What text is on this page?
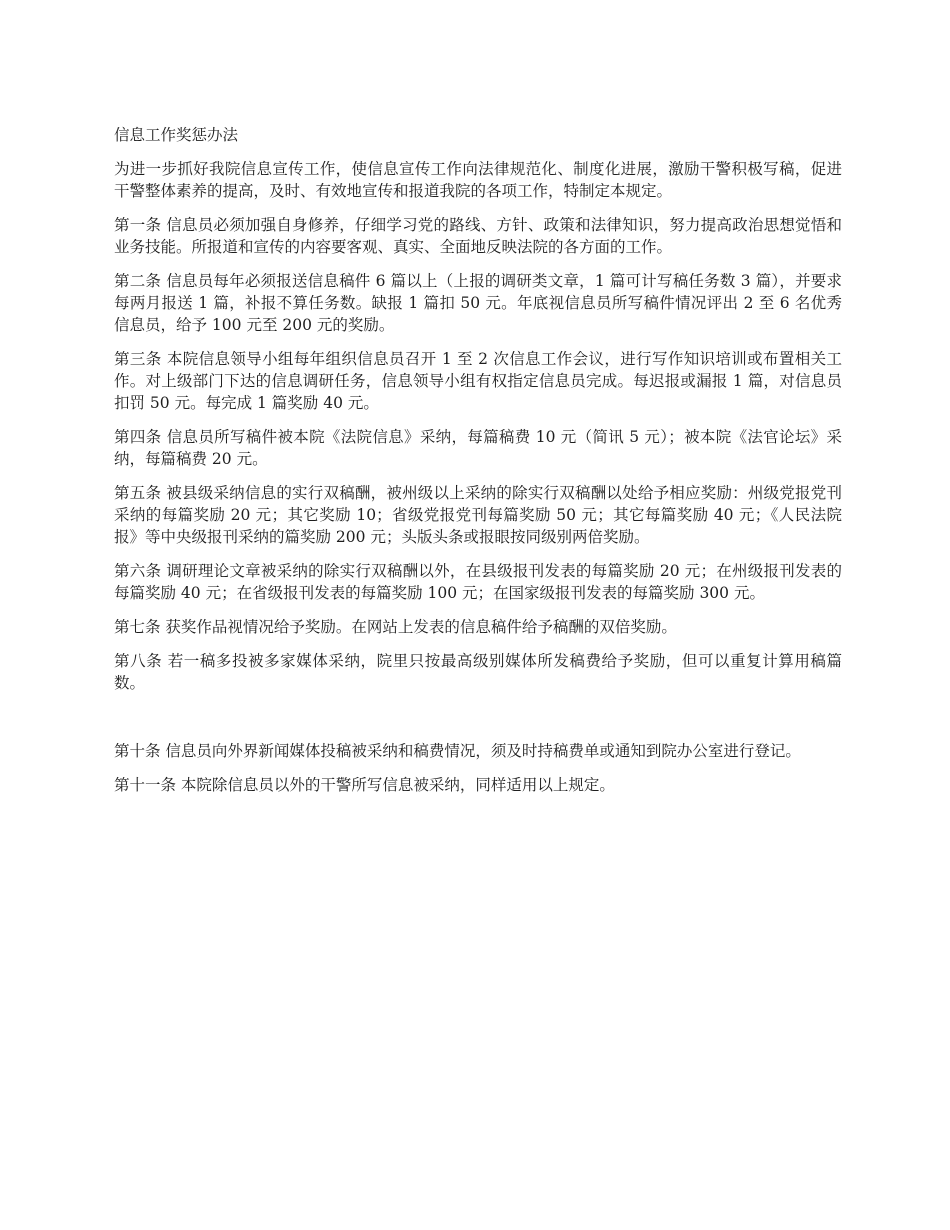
信息工作奖惩办法

为进一步抓好我院信息宣传工作，使信息宣传工作向法律规范化、制度化进展，激励干警积极写稿，促进干警整体素养的提高，及时、有效地宣传和报道我院的各项工作，特制定本规定。

第一条 信息员必须加强自身修养，仔细学习党的路线、方针、政策和法律知识，努力提高政治思想觉悟和业务技能。所报道和宣传的内容要客观、真实、全面地反映法院的各方面的工作。

第二条 信息员每年必须报送信息稿件 6 篇以上（上报的调研类文章，1 篇可计写稿任务数 3 篇），并要求每两月报送 1 篇，补报不算任务数。缺报 1 篇扣 50 元。年底视信息员所写稿件情况评出 2 至 6 名优秀信息员，给予 100 元至 200 元的奖励。

第三条 本院信息领导小组每年组织信息员召开 1 至 2 次信息工作会议，进行写作知识培训或布置相关工作。对上级部门下达的信息调研任务，信息领导小组有权指定信息员完成。每迟报或漏报 1 篇，对信息员扣罚 50 元。每完成 1 篇奖励 40 元。

第四条 信息员所写稿件被本院《法院信息》采纳，每篇稿费 10 元（简讯 5 元）；被本院《法官论坛》采纳，每篇稿费 20 元。

第五条 被县级采纳信息的实行双稿酬，被州级以上采纳的除实行双稿酬以处给予相应奖励：州级党报党刊采纳的每篇奖励 20 元；其它奖励 10；省级党报党刊每篇奖励 50 元；其它每篇奖励 40 元；《人民法院报》等中央级报刊采纳的篇奖励 200 元；头版头条或报眼按同级别两倍奖励。

第六条 调研理论文章被采纳的除实行双稿酬以外，在县级报刊发表的每篇奖励 20 元；在州级报刊发表的每篇奖励 40 元；在省级报刊发表的每篇奖励 100 元；在国家级报刊发表的每篇奖励 300 元。

第七条 获奖作品视情况给予奖励。在网站上发表的信息稿件给予稿酬的双倍奖励。

第八条 若一稿多投被多家媒体采纳，院里只按最高级别媒体所发稿费给予奖励，但可以重复计算用稿篇数。

第十条 信息员向外界新闻媒体投稿被采纳和稿费情况，须及时持稿费单或通知到院办公室进行登记。

第十一条 本院除信息员以外的干警所写信息被采纳，同样适用以上规定。
